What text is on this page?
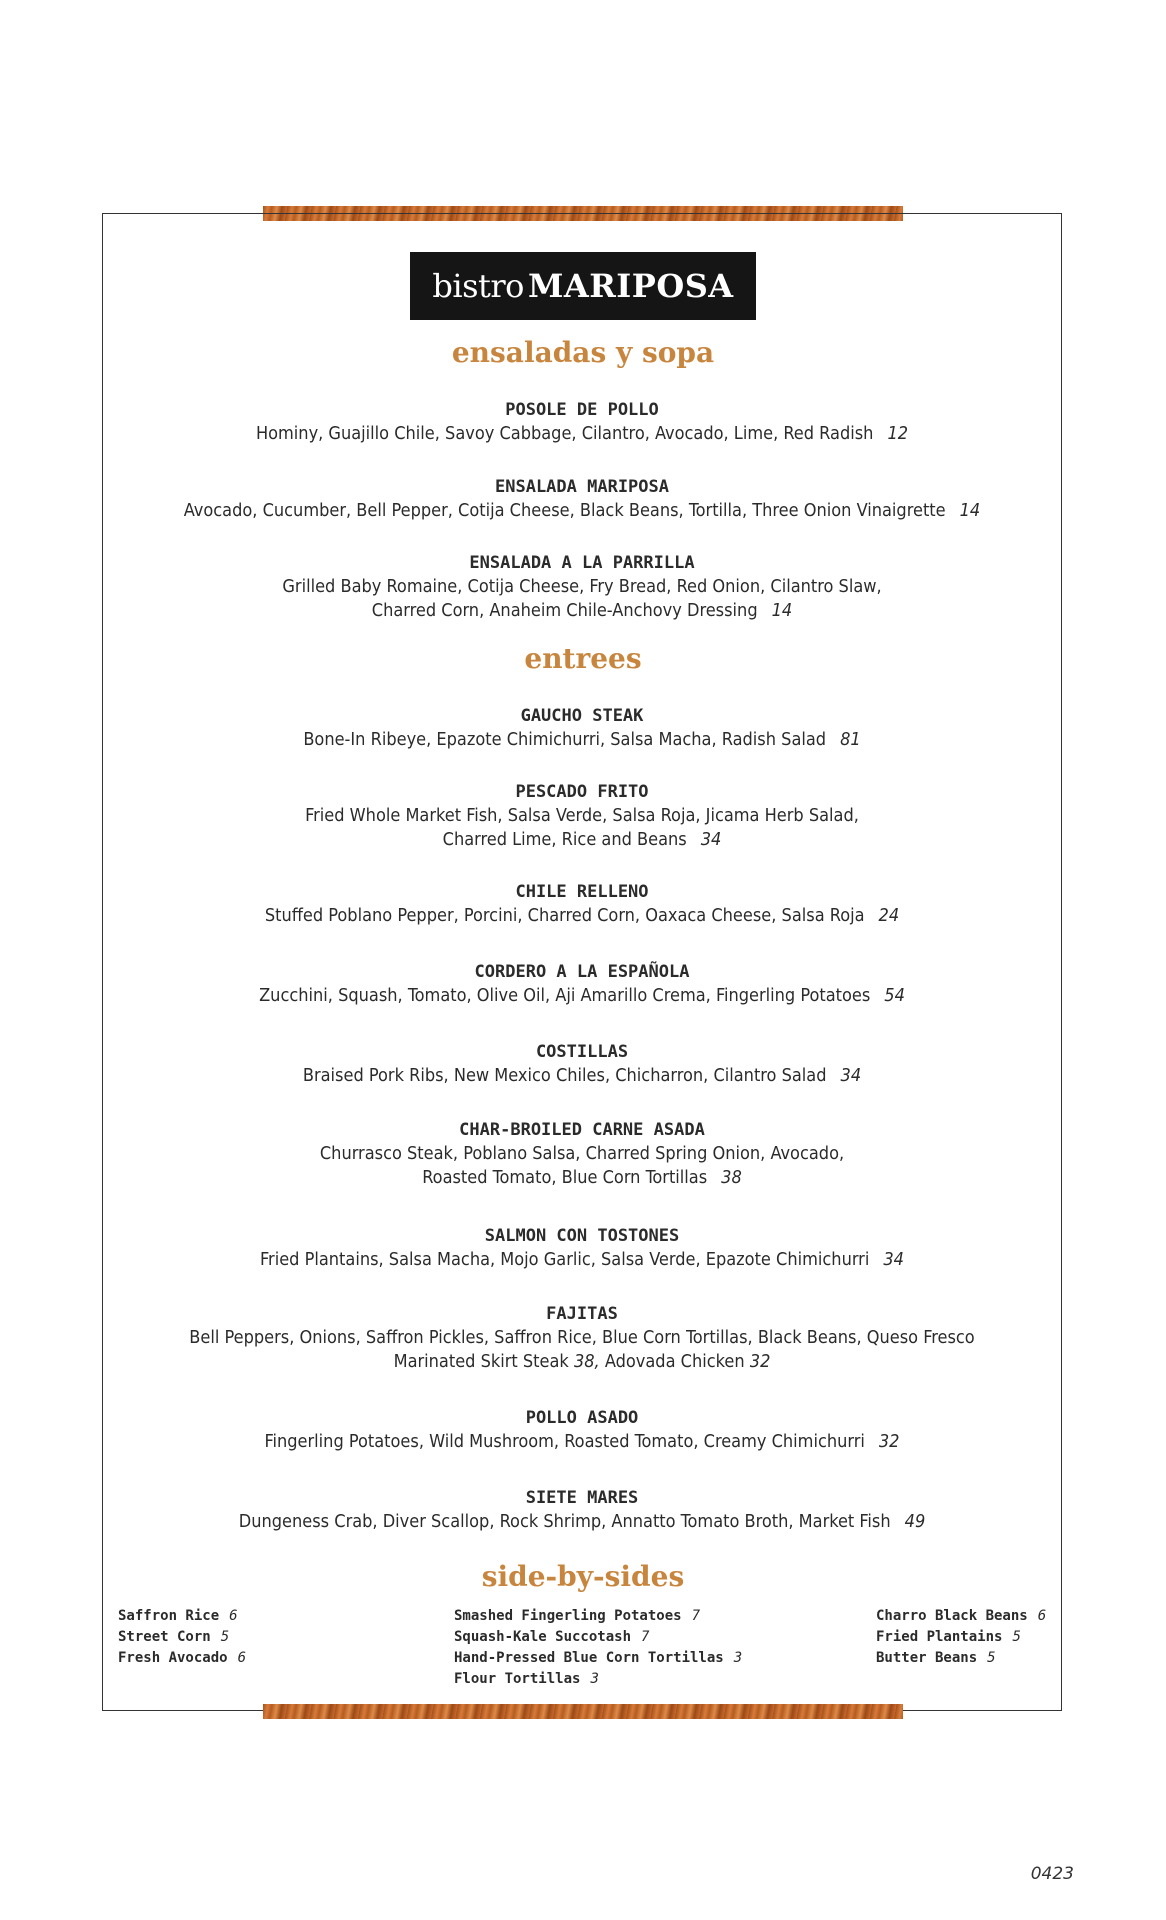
bistro MARIPOSA
ensaladas y sopa
POSOLE DE POLLO
Hominy, Guajillo Chile, Savoy Cabbage, Cilantro, Avocado, Lime, Red Radish 12
ENSALADA MARIPOSA
Avocado, Cucumber, Bell Pepper, Cotija Cheese, Black Beans, Tortilla, Three Onion Vinaigrette 14
ENSALADA A LA PARRILLA
Grilled Baby Romaine, Cotija Cheese, Fry Bread, Red Onion, Cilantro Slaw,
Charred Corn, Anaheim Chile-Anchovy Dressing 14
entrees
GAUCHO STEAK
Bone-In Ribeye, Epazote Chimichurri, Salsa Macha, Radish Salad 81
PESCADO FRITO
Fried Whole Market Fish, Salsa Verde, Salsa Roja, Jicama Herb Salad,
Charred Lime, Rice and Beans 34
CHILE RELLENO
Stuffed Poblano Pepper, Porcini, Charred Corn, Oaxaca Cheese, Salsa Roja 24
CORDERO A LA ESPAÑOLA
Zucchini, Squash, Tomato, Olive Oil, Aji Amarillo Crema, Fingerling Potatoes 54
COSTILLAS
Braised Pork Ribs, New Mexico Chiles, Chicharron, Cilantro Salad 34
CHAR-BROILED CARNE ASADA
Churrasco Steak, Poblano Salsa, Charred Spring Onion, Avocado,
Roasted Tomato, Blue Corn Tortillas 38
SALMON CON TOSTONES
Fried Plantains, Salsa Macha, Mojo Garlic, Salsa Verde, Epazote Chimichurri 34
FAJITAS
Bell Peppers, Onions, Saffron Pickles, Saffron Rice, Blue Corn Tortillas, Black Beans, Queso Fresco
Marinated Skirt Steak 38, Adovada Chicken 32
POLLO ASADO
Fingerling Potatoes, Wild Mushroom, Roasted Tomato, Creamy Chimichurri 32
SIETE MARES
Dungeness Crab, Diver Scallop, Rock Shrimp, Annatto Tomato Broth, Market Fish 49
side-by-sides
Saffron Rice 6
Street Corn 5
Fresh Avocado 6
Smashed Fingerling Potatoes 7
Squash-Kale Succotash 7
Hand-Pressed Blue Corn Tortillas 3
Flour Tortillas 3
Charro Black Beans 6
Fried Plantains 5
Butter Beans 5
0423
